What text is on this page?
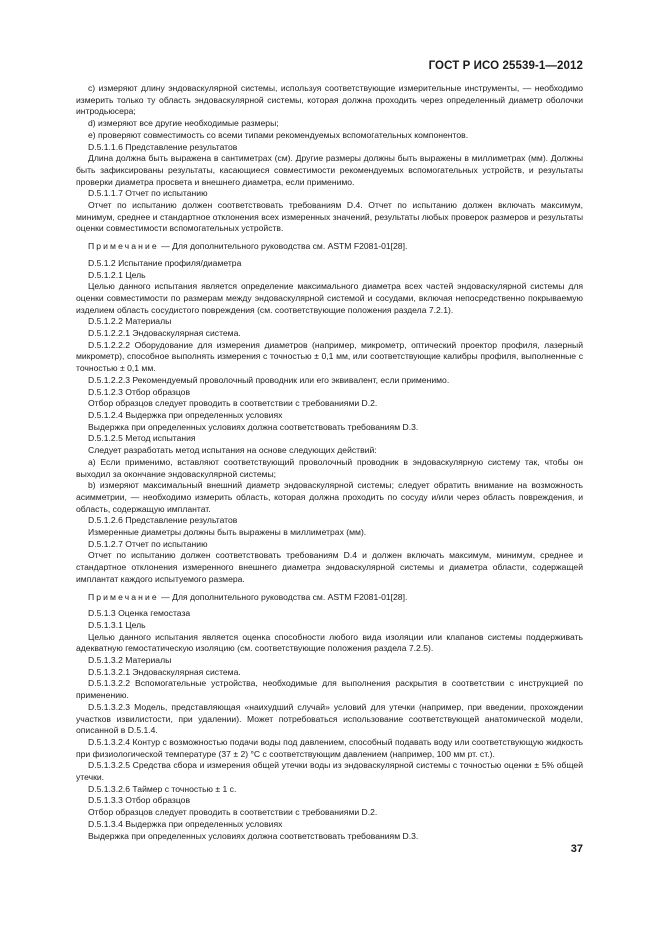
ГОСТ Р ИСО 25539-1—2012

c) измеряют длину эндоваскулярной системы, используя соответствующие измерительные инструменты, — необходимо измерить только ту область эндоваскулярной системы, которая должна проходить через определенный диаметр оболочки интродьюсера;

d) измеряют все другие необходимые размеры;

e) проверяют совместимость со всеми типами рекомендуемых вспомогательных компонентов.

D.5.1.1.6 Представление результатов

Длина должна быть выражена в сантиметрах (см). Другие размеры должны быть выражены в миллиметрах (мм). Должны быть зафиксированы результаты, касающиеся совместимости рекомендуемых вспомогательных устройств, и результаты проверки диаметра просвета и внешнего диаметра, если применимо.

D.5.1.1.7 Отчет по испытанию

Отчет по испытанию должен соответствовать требованиям D.4. Отчет по испытанию должен включать максимум, минимум, среднее и стандартное отклонения всех измеренных значений, результаты любых проверок размеров и результаты оценки совместимости вспомогательных устройств.

Примечание — Для дополнительного руководства см. ASTM F2081-01[28].

D.5.1.2 Испытание профиля/диаметра

D.5.1.2.1 Цель

Целью данного испытания является определение максимального диаметра всех частей эндоваскулярной системы для оценки совместимости по размерам между эндоваскулярной системой и сосудами, включая непосредственно покрываемую изделием область сосудистого повреждения (см. соответствующие положения раздела 7.2.1).

D.5.1.2.2 Материалы

D.5.1.2.2.1 Эндоваскулярная система.

D.5.1.2.2.2 Оборудование для измерения диаметров (например, микрометр, оптический проектор профиля, лазерный микрометр), способное выполнять измерения с точностью ± 0,1 мм, или соответствующие калибры профиля, выполненные с точностью ± 0,1 мм.

D.5.1.2.2.3 Рекомендуемый проволочный проводник или его эквивалент, если применимо.

D.5.1.2.3 Отбор образцов

Отбор образцов следует проводить в соответствии с требованиями D.2.

D.5.1.2.4 Выдержка при определенных условиях

Выдержка при определенных условиях должна соответствовать требованиям D.3.

D.5.1.2.5 Метод испытания

Следует разработать метод испытания на основе следующих действий:

a) Если применимо, вставляют соответствующий проволочный проводник в эндоваскулярную систему так, чтобы он выходил за окончание эндоваскулярной системы;

b) измеряют максимальный внешний диаметр эндоваскулярной системы; следует обратить внимание на возможность асимметрии, — необходимо измерить область, которая должна проходить по сосуду и/или через область повреждения, и область, содержащую имплантат.

D.5.1.2.6 Представление результатов

Измеренные диаметры должны быть выражены в миллиметрах (мм).

D.5.1.2.7 Отчет по испытанию

Отчет по испытанию должен соответствовать требованиям D.4 и должен включать максимум, минимум, среднее и стандартное отклонения измеренного внешнего диаметра эндоваскулярной системы и диаметра области, содержащей имплантат каждого испытуемого размера.

Примечание — Для дополнительного руководства см. ASTM F2081-01[28].

D.5.1.3 Оценка гемостаза

D.5.1.3.1 Цель

Целью данного испытания является оценка способности любого вида изоляции или клапанов системы поддерживать адекватную гемостатическую изоляцию (см. соответствующие положения раздела 7.2.5).

D.5.1.3.2 Материалы

D.5.1.3.2.1 Эндоваскулярная система.

D.5.1.3.2.2 Вспомогательные устройства, необходимые для выполнения раскрытия в соответствии с инструкцией по применению.

D.5.1.3.2.3 Модель, представляющая «наихудший случай» условий для утечки (например, при введении, прохождении участков извилистости, при удалении). Может потребоваться использование соответствующей анатомической модели, описанной в D.5.1.4.

D.5.1.3.2.4 Контур с возможностью подачи воды под давлением, способный подавать воду или соответствующую жидкость при физиологической температуре (37 ± 2) °С с соответствующим давлением (например, 100 мм рт. ст.).

D.5.1.3.2.5 Средства сбора и измерения общей утечки воды из эндоваскулярной системы с точностью оценки ± 5% общей утечки.

D.5.1.3.2.6 Таймер с точностью ± 1 с.

D.5.1.3.3 Отбор образцов

Отбор образцов следует проводить в соответствии с требованиями D.2.

D.5.1.3.4 Выдержка при определенных условиях

Выдержка при определенных условиях должна соответствовать требованиям D.3.

37
